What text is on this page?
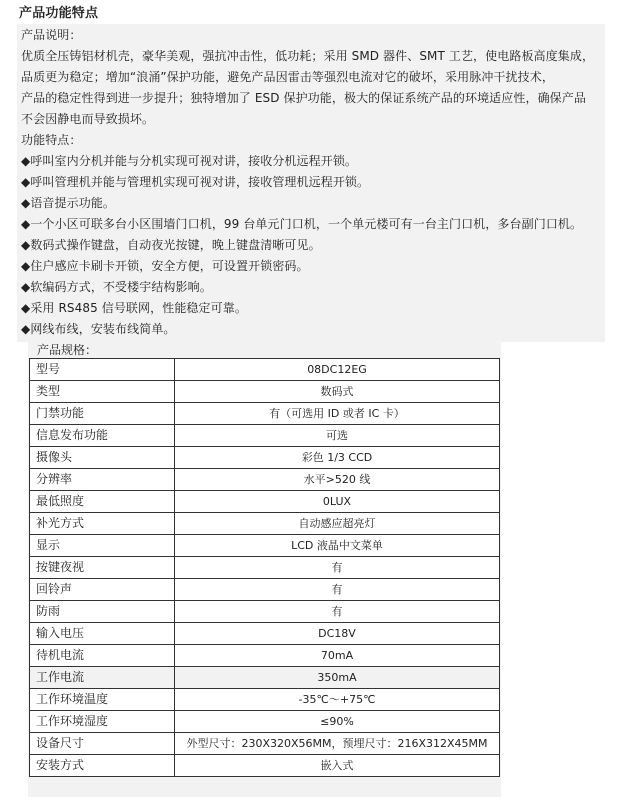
产品功能特点
产品说明：
优质全压铸铝材机壳，豪华美观，强抗冲击性，低功耗；采用 SMD 器件、SMT 工艺，使电路板高度集成，
品质更为稳定；增加“浪涌”保护功能，避免产品因雷击等强烈电流对它的破坏，采用脉冲干扰技术，
产品的稳定性得到进一步提升；独特增加了 ESD 保护功能，极大的保证系统产品的环境适应性，确保产品
不会因静电而导致损坏。
功能特点：
◆呼叫室内分机并能与分机实现可视对讲，接收分机远程开锁。
◆呼叫管理机并能与管理机实现可视对讲，接收管理机远程开锁。
◆语音提示功能。
◆一个小区可联多台小区围墙门口机，99 台单元门口机，一个单元楼可有一台主门口机，多台副门口机。
◆数码式操作键盘，自动夜光按键，晚上键盘清晰可见。
◆住户感应卡刷卡开锁，安全方便，可设置开锁密码。
◆软编码方式，不受楼宇结构影响。
◆采用 RS485 信号联网，性能稳定可靠。
◆网线布线，安装布线简单。
产品规格：
型号	08DC12EG
类型	数码式
门禁功能	有（可选用 ID 或者 IC 卡）
信息发布功能	可选
摄像头	彩色 1/3 CCD
分辨率	水平>520 线
最低照度	0LUX
补光方式	自动感应超亮灯
显示	LCD 液晶中文菜单
按键夜视	有
回铃声	有
防雨	有
输入电压	DC18V
待机电流	70mA
工作电流	350mA
工作环境温度	-35℃～+75℃
工作环境湿度	≤90%
设备尺寸	外型尺寸：230X320X56MM，预埋尺寸：216X312X45MM
安装方式	嵌入式
